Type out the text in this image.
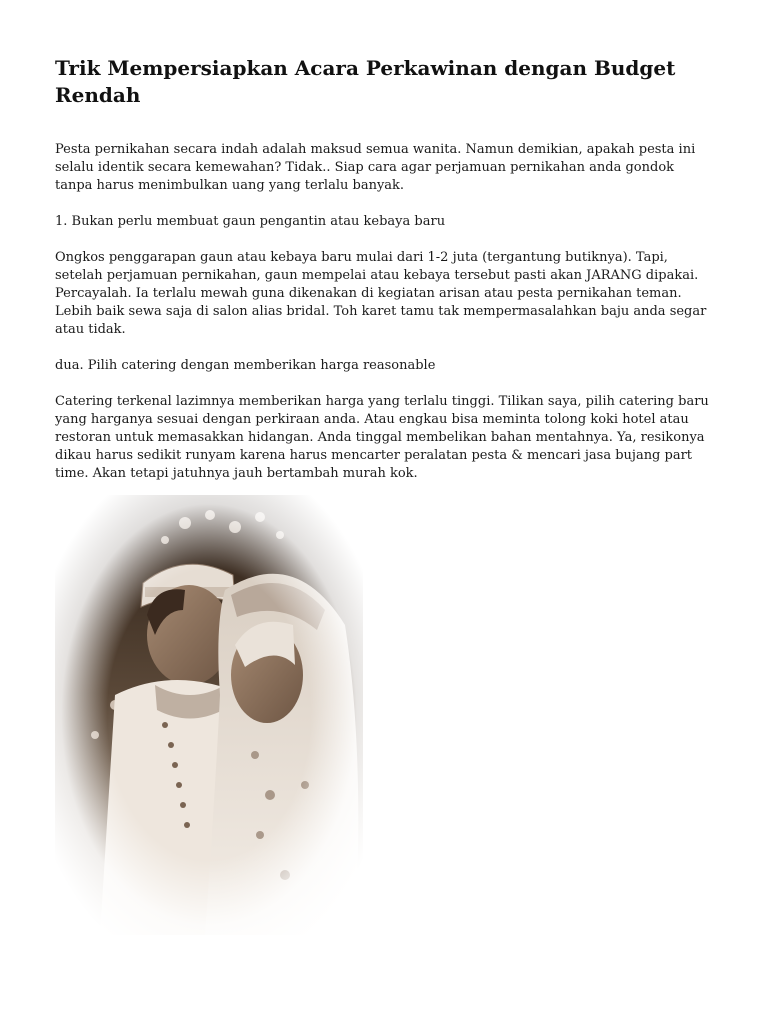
Trik Mempersiapkan Acara Perkawinan dengan Budget Rendah

Pesta pernikahan secara indah adalah maksud semua wanita. Namun demikian, apakah pesta ini selalu identik secara kemewahan? Tidak.. Siap cara agar perjamuan pernikahan anda gondok tanpa harus menimbulkan uang yang terlalu banyak.

1. Bukan perlu membuat gaun pengantin atau kebaya baru

Ongkos penggarapan gaun atau kebaya baru mulai dari 1-2 juta (tergantung butiknya). Tapi, setelah perjamuan pernikahan, gaun mempelai atau kebaya tersebut pasti akan JARANG dipakai. Percayalah. Ia terlalu mewah guna dikenakan di kegiatan arisan atau pesta pernikahan teman. Lebih baik sewa saja di salon alias bridal. Toh karet tamu tak mempermasalahkan baju anda segar atau tidak.

dua. Pilih catering dengan memberikan harga reasonable

Catering terkenal lazimnya memberikan harga yang terlalu tinggi. Tilikan saya, pilih catering baru yang harganya sesuai dengan perkiraan anda. Atau engkau bisa meminta tolong koki hotel atau restoran untuk memasakkan hidangan. Anda tinggal membelikan bahan mentahnya. Ya, resikonya dikau harus sedikit runyam karena harus mencarter peralatan pesta & mencari jasa bujang part time. Akan tetapi jatuhnya jauh bertambah murah kok.
